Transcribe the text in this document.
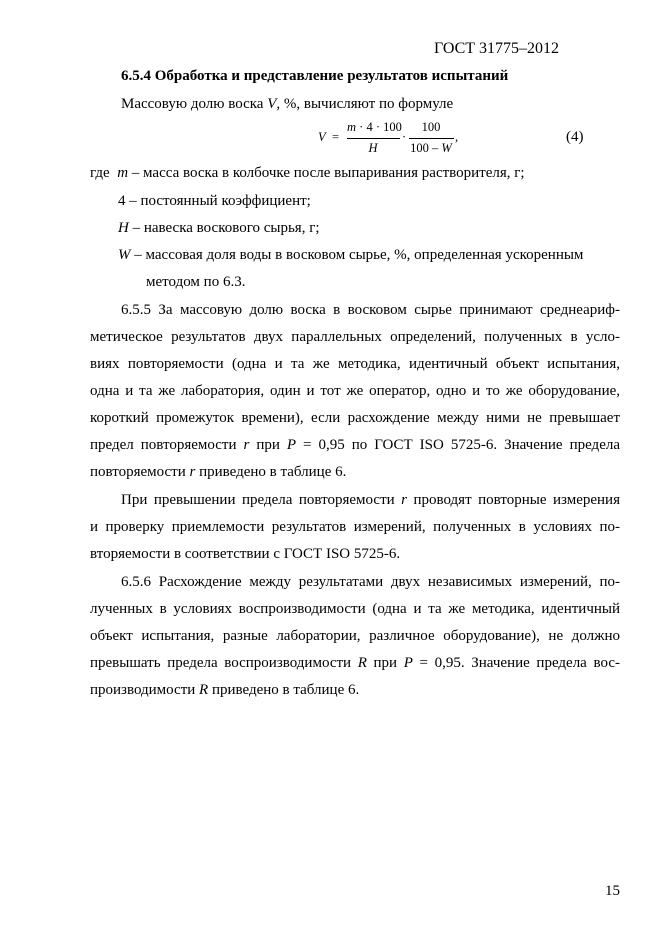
ГОСТ 31775–2012
6.5.4 Обработка и представление результатов испытаний
Массовую долю воска V, %, вычисляют по формуле
V =
m · 4 · 100
H
·
100
100 – W
,	(4)
где m – масса воска в колбочке после выпаривания растворителя, г;
4 – постоянный коэффициент;
H – навеска воскового сырья, г;
W – массовая доля воды в восковом сырье, %, определенная ускоренным
методом по 6.3.
6.5.5 За массовую долю воска в восковом сырье принимают среднеариф-
метическое результатов двух параллельных определений, полученных в усло-
виях повторяемости (одна и та же методика, идентичный объект испытания,
одна и та же лаборатория, один и тот же оператор, одно и то же оборудование,
короткий промежуток времени), если расхождение между ними не превышает
предел повторяемости r при P = 0,95 по ГОСТ ISO 5725-6. Значение предела
повторяемости r приведено в таблице 6.
При превышении предела повторяемости r проводят повторные измерения
и проверку приемлемости результатов измерений, полученных в условиях по-
вторяемости в соответствии с ГОСТ ISO 5725-6.
6.5.6 Расхождение между результатами двух независимых измерений, по-
лученных в условиях воспроизводимости (одна и та же методика, идентичный
объект испытания, разные лаборатории, различное оборудование), не должно
превышать предела воспроизводимости R при P = 0,95. Значение предела вос-
производимости R приведено в таблице 6.
15
